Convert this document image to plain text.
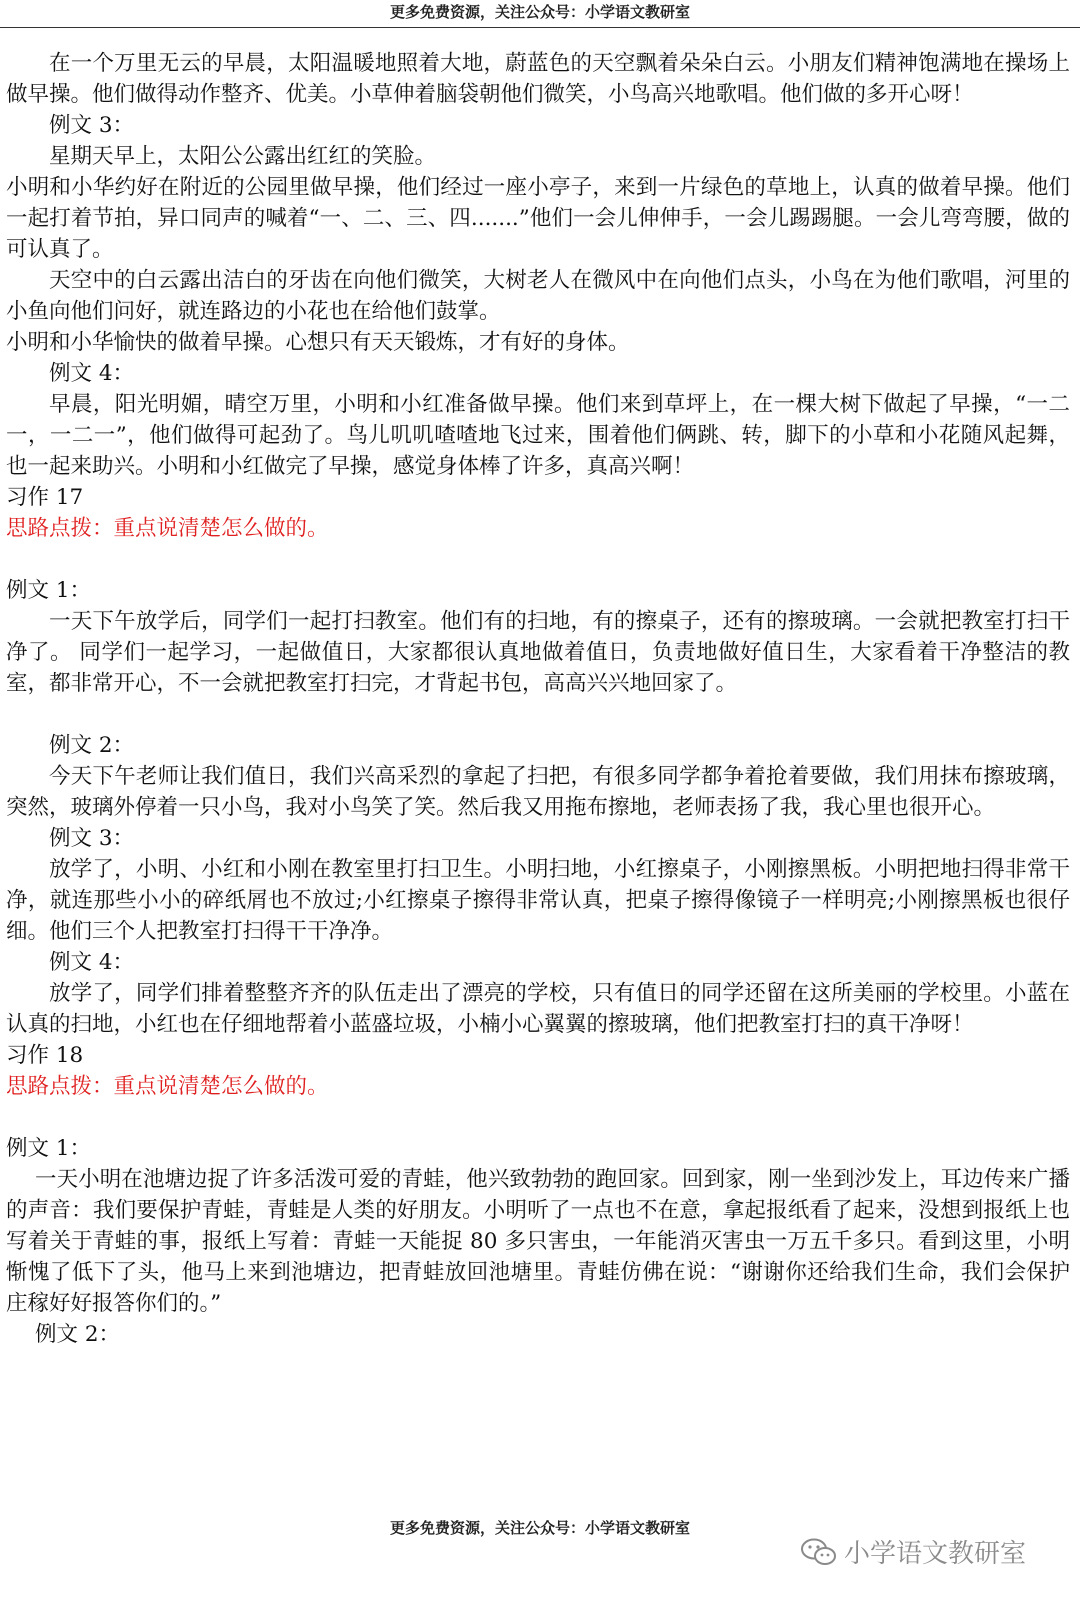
更多免费资源，关注公众号：小学语文教研室

在一个万里无云的早晨，太阳温暖地照着大地，蔚蓝色的天空飘着朵朵白云。小朋友们精神饱满地在操场上做早操。他们做得动作整齐、优美。小草伸着脑袋朝他们微笑，小鸟高兴地歌唱。他们做的多开心呀！

例文 3：

星期天早上，太阳公公露出红红的笑脸。

小明和小华约好在附近的公园里做早操，他们经过一座小亭子，来到一片绿色的草地上，认真的做着早操。他们一起打着节拍，异口同声的喊着“一、二、三、四.......”他们一会儿伸伸手，一会儿踢踢腿。一会儿弯弯腰，做的可认真了。

天空中的白云露出洁白的牙齿在向他们微笑，大树老人在微风中在向他们点头，小鸟在为他们歌唱，河里的小鱼向他们问好，就连路边的小花也在给他们鼓掌。

小明和小华愉快的做着早操。心想只有天天锻炼，才有好的身体。

例文 4：

早晨，阳光明媚，晴空万里，小明和小红准备做早操。他们来到草坪上，在一棵大树下做起了早操，“一二一，一二一”，他们做得可起劲了。鸟儿叽叽喳喳地飞过来，围着他们俩跳、转，脚下的小草和小花随风起舞，也一起来助兴。小明和小红做完了早操，感觉身体棒了许多，真高兴啊！

习作 17

思路点拨：重点说清楚怎么做的。

例文 1：

一天下午放学后，同学们一起打扫教室。他们有的扫地，有的擦桌子，还有的擦玻璃。一会就把教室打扫干净了。 同学们一起学习，一起做值日，大家都很认真地做着值日，负责地做好值日生，大家看着干净整洁的教室，都非常开心，不一会就把教室打扫完，才背起书包，高高兴兴地回家了。

例文 2：

今天下午老师让我们值日，我们兴高采烈的拿起了扫把，有很多同学都争着抢着要做，我们用抹布擦玻璃，突然，玻璃外停着一只小鸟，我对小鸟笑了笑。然后我又用拖布擦地，老师表扬了我，我心里也很开心。

例文 3：

放学了，小明、小红和小刚在教室里打扫卫生。小明扫地，小红擦桌子，小刚擦黑板。小明把地扫得非常干净，就连那些小小的碎纸屑也不放过;小红擦桌子擦得非常认真，把桌子擦得像镜子一样明亮;小刚擦黑板也很仔细。他们三个人把教室打扫得干干净净。

例文 4：

放学了，同学们排着整整齐齐的队伍走出了漂亮的学校，只有值日的同学还留在这所美丽的学校里。小蓝在认真的扫地，小红也在仔细地帮着小蓝盛垃圾，小楠小心翼翼的擦玻璃，他们把教室打扫的真干净呀！

习作 18

思路点拨：重点说清楚怎么做的。

例文 1：

一天小明在池塘边捉了许多活泼可爱的青蛙，他兴致勃勃的跑回家。回到家，刚一坐到沙发上，耳边传来广播的声音：我们要保护青蛙，青蛙是人类的好朋友。小明听了一点也不在意，拿起报纸看了起来，没想到报纸上也写着关于青蛙的事，报纸上写着：青蛙一天能捉 80 多只害虫，一年能消灭害虫一万五千多只。看到这里，小明惭愧了低下了头，他马上来到池塘边，把青蛙放回池塘里。青蛙仿佛在说：“谢谢你还给我们生命，我们会保护庄稼好好报答你们的。”

例文 2：

更多免费资源，关注公众号：小学语文教研室
小学语文教研室
